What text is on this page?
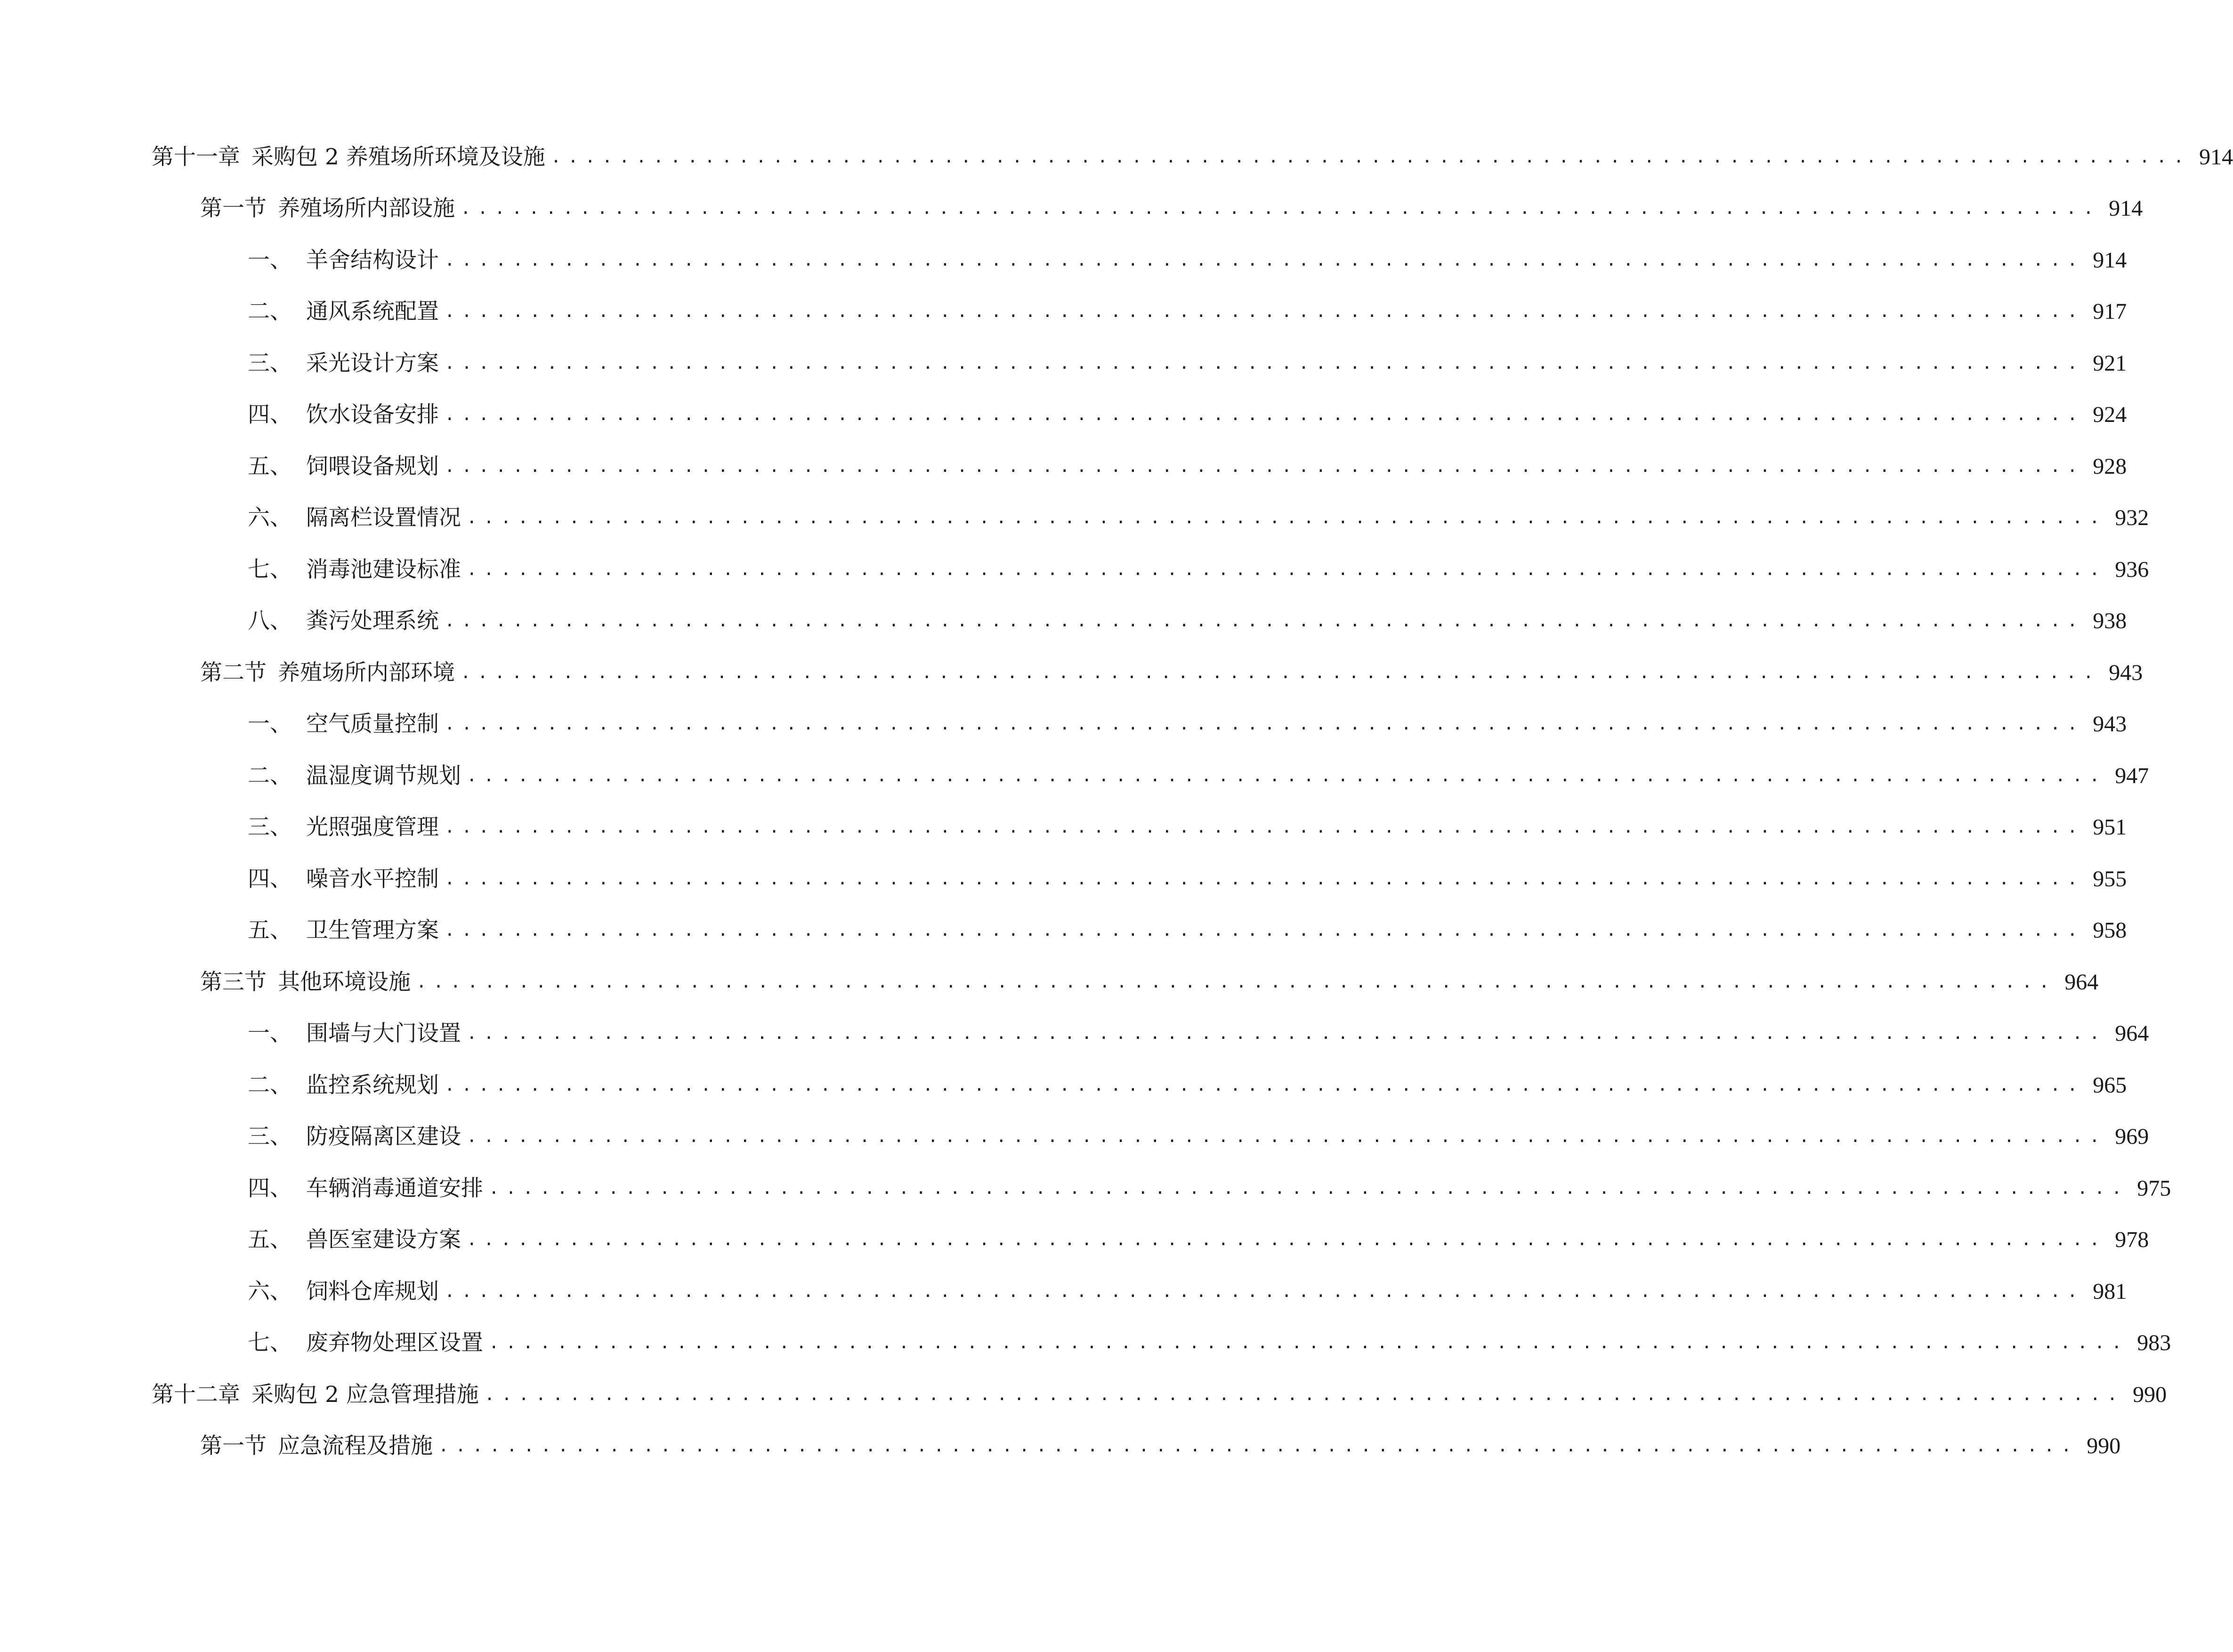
第十一章 采购包 2 养殖场所环境及设施 ................................................................................................ 914
第一节 养殖场所内部设施 ................................................................................................ 914
一、 羊舍结构设计 ................................................................................................ 914
二、 通风系统配置 ................................................................................................ 917
三、 采光设计方案 ................................................................................................ 921
四、 饮水设备安排 ................................................................................................ 924
五、 饲喂设备规划 ................................................................................................ 928
六、 隔离栏设置情况 ................................................................................................ 932
七、 消毒池建设标准 ................................................................................................ 936
八、 粪污处理系统 ................................................................................................ 938
第二节 养殖场所内部环境 ................................................................................................ 943
一、 空气质量控制 ................................................................................................ 943
二、 温湿度调节规划 ................................................................................................ 947
三、 光照强度管理 ................................................................................................ 951
四、 噪音水平控制 ................................................................................................ 955
五、 卫生管理方案 ................................................................................................ 958
第三节 其他环境设施 ................................................................................................ 964
一、 围墙与大门设置 ................................................................................................ 964
二、 监控系统规划 ................................................................................................ 965
三、 防疫隔离区建设 ................................................................................................ 969
四、 车辆消毒通道安排 ................................................................................................ 975
五、 兽医室建设方案 ................................................................................................ 978
六、 饲料仓库规划 ................................................................................................ 981
七、 废弃物处理区设置 ................................................................................................ 983
第十二章 采购包 2 应急管理措施 ................................................................................................ 990
第一节 应急流程及措施 ................................................................................................ 990
